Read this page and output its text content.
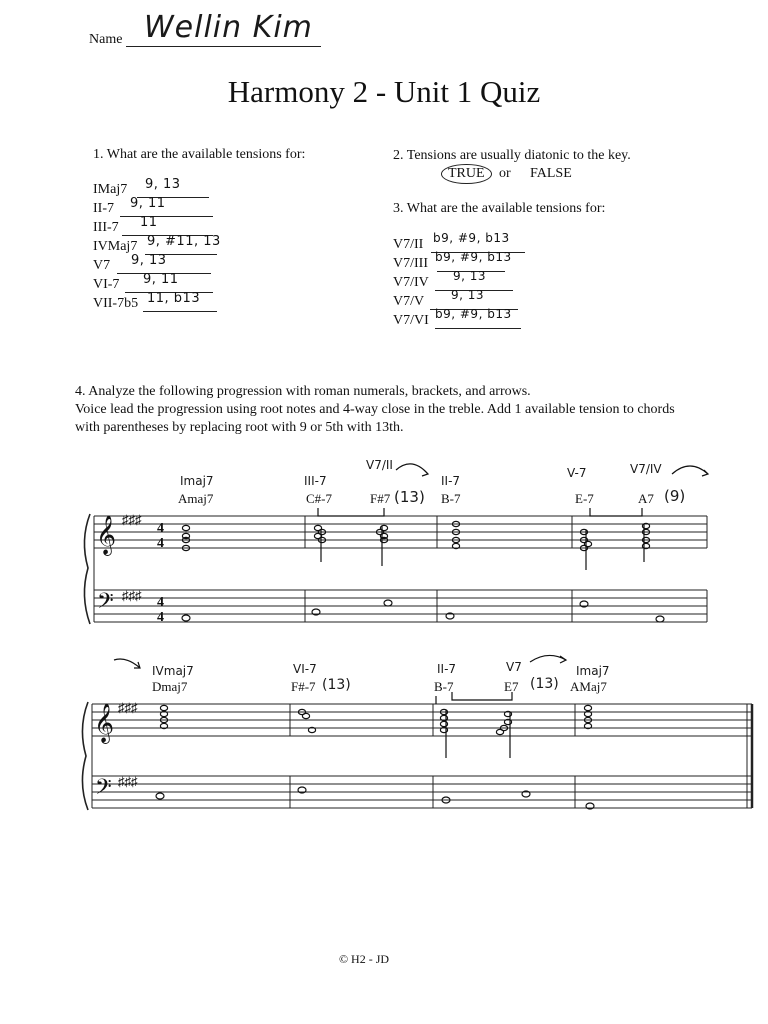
Name Wellin Kim
Harmony 2 - Unit 1 Quiz
1. What are the available tensions for:
IMaj7 9, 13
II-7 9, 11
III-7 11
IVMaj7 9, #11, 13
V7 9, 13
VI-7 9, 11
VII-7b5 11, b13
2. Tensions are usually diatonic to the key.
TRUE	or FALSE
3. What are the available tensions for:
V7/II b9, #9, b13
V7/III b9, #9, b13
V7/IV 9, 13
V7/V 9, 13
V7/VI b9, #9, b13
4. Analyze the following progression with roman numerals, brackets, and arrows.
Voice lead the progression using root notes and 4-way close in the treble. Add 1 available tension to chords
with parentheses by replacing root with 9 or 5th with 13th.
𝄞
𝄢
♯♯♯
♯♯♯
4
4
4
4
𝄞
𝄢
♯♯♯
♯♯♯
Amaj7	C#-7	F#7 (13) B-7	E-7	A7 (9)
Imaj7	III-7
V7/II
II-7
V-7	V7/IV
Dmaj7	F#-7 (13)	B-7	E7 (13) AMaj7
IVmaj7	VI-7	II-7	V7	Imaj7
© H2 - JD
